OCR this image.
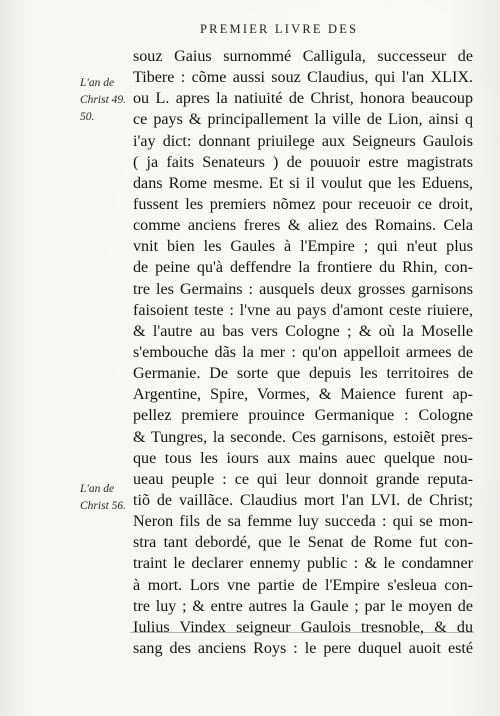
PREMIER LIVRE DES
L'an de
Christ 49.
50.
L'an de
Christ 56.
souz Gaius surnommé Calligula, successeur de
Tibere : cõme aussi souz Claudius, qui l'an XLIX.
ou L. apres la natiuité de Christ, honora beaucoup
ce pays & principallement la ville de Lion, ainsi q
i'ay dict: donnant priuilege aux Seigneurs Gaulois
( ja faits Senateurs ) de pouuoir estre magistrats
dans Rome mesme. Et si il voulut que les Eduens,
fussent les premiers nõmez pour receuoir ce droit,
comme anciens freres & aliez des Romains. Cela
vnit bien les Gaules à l'Empire ; qui n'eut plus
de peine qu'à deffendre la frontiere du Rhin, con-
tre les Germains : ausquels deux grosses garnisons
faisoient teste : l'vne au pays d'amont ceste riuiere,
& l'autre au bas vers Cologne ; & où la Moselle
s'embouche dãs la mer : qu'on appelloit armees de
Germanie. De sorte que depuis les territoires de
Argentine, Spire, Vormes, & Maience furent ap-
pellez premiere prouince Germanique : Cologne
& Tungres, la seconde. Ces garnisons, estoiẽt pres-
que tous les iours aux mains auec quelque nou-
ueau peuple : ce qui leur donnoit grande reputa-
tiõ de vaillãce. Claudius mort l'an LVI. de Christ;
Neron fils de sa femme luy succeda : qui se mon-
stra tant debordé, que le Senat de Rome fut con-
traint le declarer ennemy public : & le condamner
à mort. Lors vne partie de l'Empire s'esleua con-
tre luy ; & entre autres la Gaule ; par le moyen de
Iulius Vindex seigneur Gaulois tresnoble, & du
sang des anciens Roys : le pere duquel auoit esté
